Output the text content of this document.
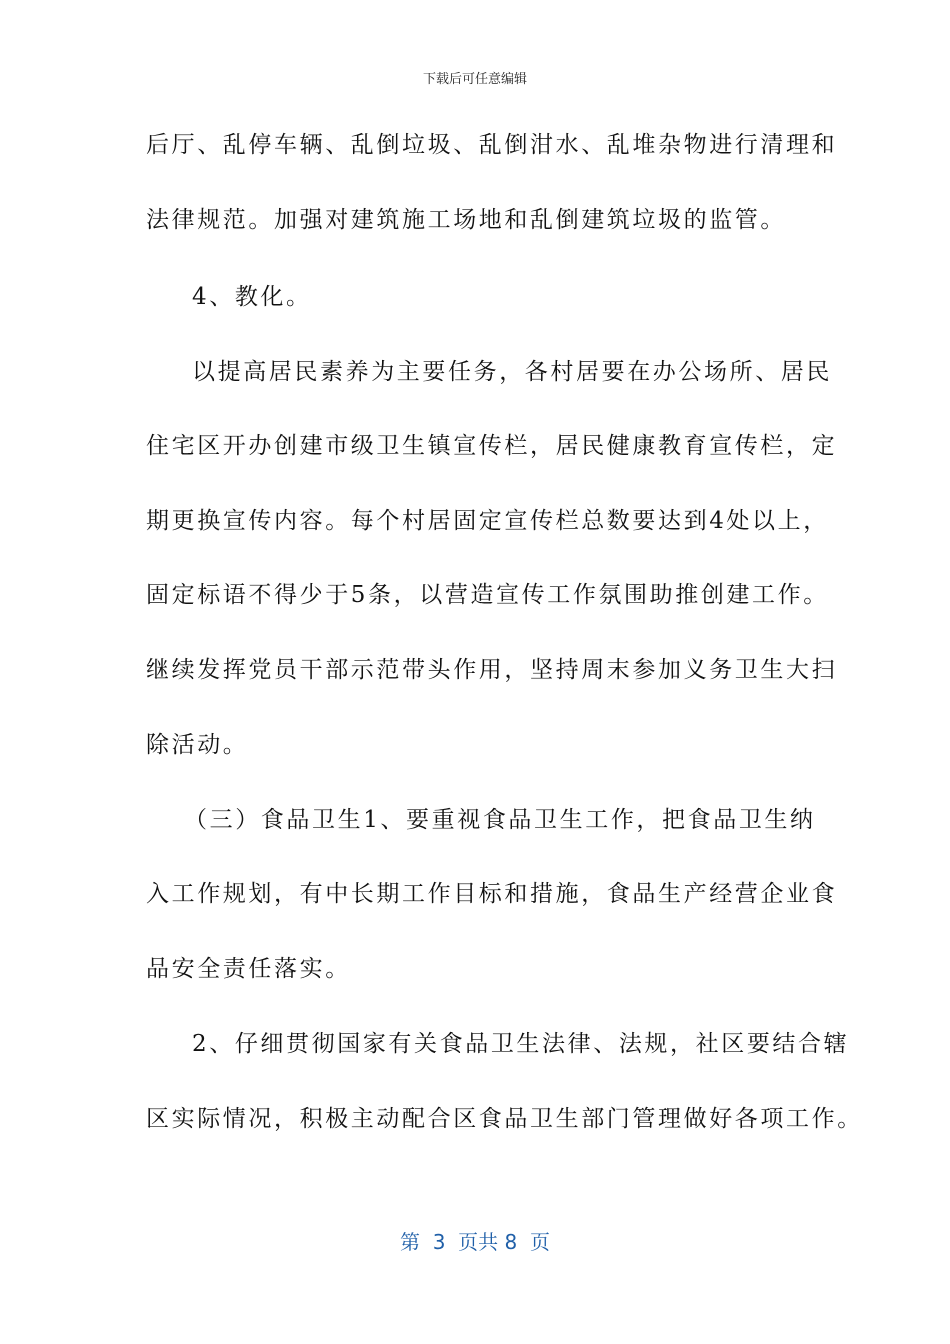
下载后可任意编辑
后厅、乱停车辆、乱倒垃圾、乱倒泔水、乱堆杂物进行清理和
法律规范。加强对建筑施工场地和乱倒建筑垃圾的监管。
4、教化。
以提高居民素养为主要任务，各村居要在办公场所、居民
住宅区开办创建市级卫生镇宣传栏，居民健康教育宣传栏，定
期更换宣传内容。每个村居固定宣传栏总数要达到4处以上，
固定标语不得少于5条，以营造宣传工作氛围助推创建工作。
继续发挥党员干部示范带头作用，坚持周末参加义务卫生大扫
除活动。
（三）食品卫生1、要重视食品卫生工作，把食品卫生纳
入工作规划，有中长期工作目标和措施，食品生产经营企业食
品安全责任落实。
2、仔细贯彻国家有关食品卫生法律、法规，社区要结合辖
区实际情况，积极主动配合区食品卫生部门管理做好各项工作。
第  3  页共 8  页
